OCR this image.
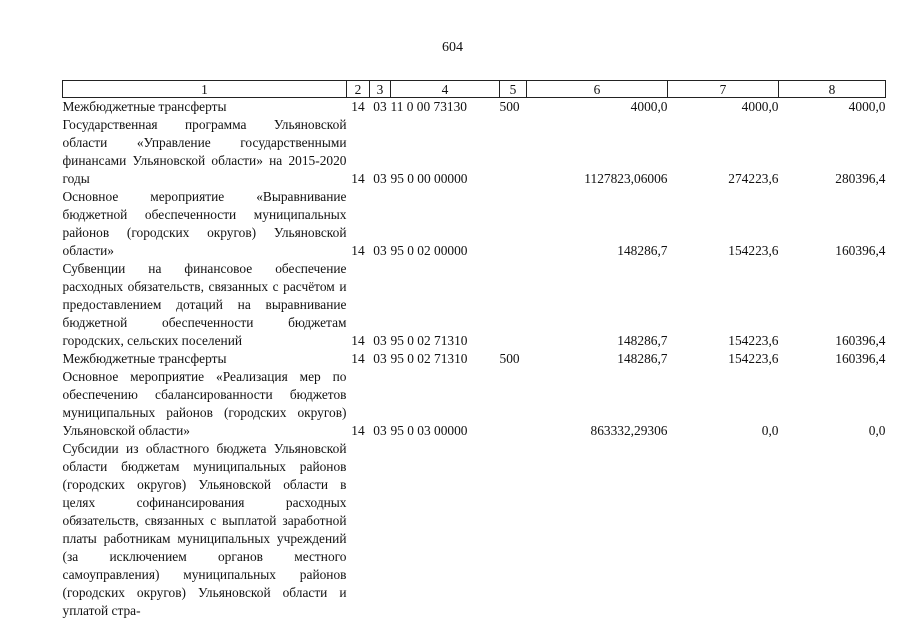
604
1	2	3	4	5	6	7	8
Межбюджетные трансферты	14	03	11 0 00 73130	500	4000,0	4000,0	4000,0
Государственная программа Ульяновской области «Управление государственными финансами Ульяновской области» на 2015-2020 годы	14	03	95 0 00 00000		1127823,06006	274223,6	280396,4
Основное мероприятие «Выравнивание бюджетной обеспеченности муниципальных районов (городских округов) Ульяновской области»	14	03	95 0 02 00000		148286,7	154223,6	160396,4
Субвенции на финансовое обеспечение расходных обязательств, связанных с расчётом и предоставлением дотаций на выравнивание бюджетной обеспеченности бюджетам городских, сельских поселений	14	03	95 0 02 71310		148286,7	154223,6	160396,4
Межбюджетные трансферты	14	03	95 0 02 71310	500	148286,7	154223,6	160396,4
Основное мероприятие «Реализация мер по обеспечению сбалансированности бюджетов муниципальных районов (городских округов) Ульяновской области»	14	03	95 0 03 00000		863332,29306	0,0	0,0
Субсидии из областного бюджета Ульяновской области бюджетам муниципальных районов (городских округов) Ульяновской области в целях софинансирования расходных обязательств, связанных с выплатой заработной платы работникам муниципальных учреждений (за исключением органов местного самоуправления) муниципальных районов (городских округов) Ульяновской области и уплатой стра-							
